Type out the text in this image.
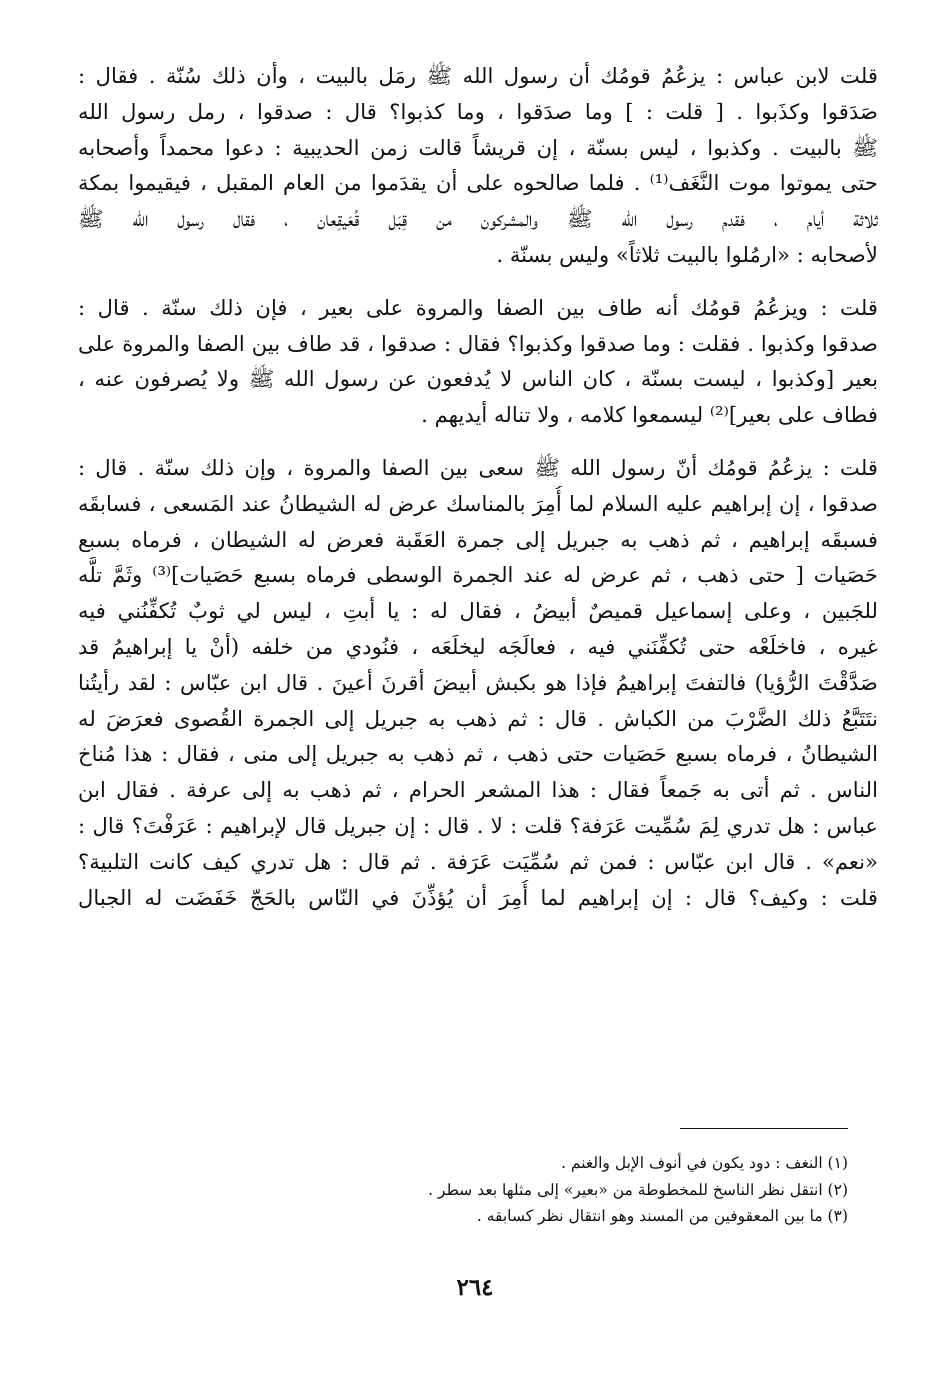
قلت لابن عباس : يزعُمُ قومُك أن رسول الله ﷺ رمَل بالبيت ، وأن ذلك سُنّة . فقال :
صَدَقوا وكذَبوا . [ قلت : ] وما صدَقوا ، وما كذبوا؟ قال : صدقوا ، رمل رسول الله
ﷺ بالبيت . وكذبوا ، ليس بسنّة ، إن قريشاً قالت زمن الحديبية : دعوا محمداً وأصحابه
حتى يموتوا موت النَّغَف⁽¹⁾ . فلما صالحوه على أن يقدَموا من العام المقبل ، فيقيموا بمكة
ثلاثة أيام ، فقدم رسول الله ﷺ والمشركون من قِبَل قُعَيقِعان ، فقال رسول الله ﷺ
لأصحابه : «ارمُلوا بالبيت ثلاثاً» وليس بسنّة .
قلت : ويزعُمُ قومُك أنه طاف بين الصفا والمروة على بعير ، فإن ذلك سنّة . قال :
صدقوا وكذبوا . فقلت : وما صدقوا وكذبوا؟ فقال : صدقوا ، قد طاف بين الصفا والمروة على
بعير [وكذبوا ، ليست بسنّة ، كان الناس لا يُدفعون عن رسول الله ﷺ ولا يُصرفون عنه ،
فطاف على بعير]⁽²⁾ ليسمعوا كلامه ، ولا تناله أيديهم .
قلت : يزعُمُ قومُك أنّ رسول الله ﷺ سعى بين الصفا والمروة ، وإن ذلك سنّة . قال :
صدقوا ، إن إبراهيم عليه السلام لما أُمِرَ بالمناسك عرض له الشيطانُ عند المَسعى ، فسابقَه
فسبقَه إبراهيم ، ثم ذهب به جبريل إلى جمرة العَقَبة فعرض له الشيطان ، فرماه بسبع
حَصَيات [ حتى ذهب ، ثم عرض له عند الجمرة الوسطى فرماه بسبع حَصَيات]⁽³⁾ وثَمَّ تلَّه
للجَبين ، وعلى إسماعيل قميصٌ أبيضُ ، فقال له : يا أبتِ ، ليس لي ثوبٌ تُكفِّنُني فيه
غيره ، فاخلَعْه حتى تُكفِّنَني فيه ، فعالَجَه ليخلَعَه ، فنُودي من خلفه (أنْ يا إبراهيمُ قد
صَدَّقْتَ الرُّؤيا) فالتفتَ إبراهيمُ فإذا هو بكبش أبيضَ أقرنَ أعينَ . قال ابن عبّاس : لقد رأيتُنا
نتَتَبَّعُ ذلك الضَّرْبَ من الكباش . قال : ثم ذهب به جبريل إلى الجمرة القُصوى فعرَضَ له
الشيطانُ ، فرماه بسبع حَصَيات حتى ذهب ، ثم ذهب به جبريل إلى منى ، فقال : هذا مُناخ
الناس . ثم أتى به جَمعاً فقال : هذا المشعر الحرام ، ثم ذهب به إلى عرفة . فقال ابن
عباس : هل تدري لِمَ سُمِّيت عَرَفة؟ قلت : لا . قال : إن جبريل قال لإبراهيم : عَرَفْتَ؟ قال :
«نعم» . قال ابن عبّاس : فمن ثم سُمِّيَت عَرَفة . ثم قال : هل تدري كيف كانت التلبية؟
قلت : وكيف؟ قال : إن إبراهيم لما أُمِرَ أن يُؤذِّنَ في النّاس بالحَجّ خَفَضَت له الجبال
(١) النغف : دود يكون في أنوف الإبل والغنم .
(٢) انتقل نظر الناسخ للمخطوطة من «بعير» إلى مثلها بعد سطر .
(٣) ما بين المعقوفين من المسند وهو انتقال نظر كسابقه .
٢٦٤
